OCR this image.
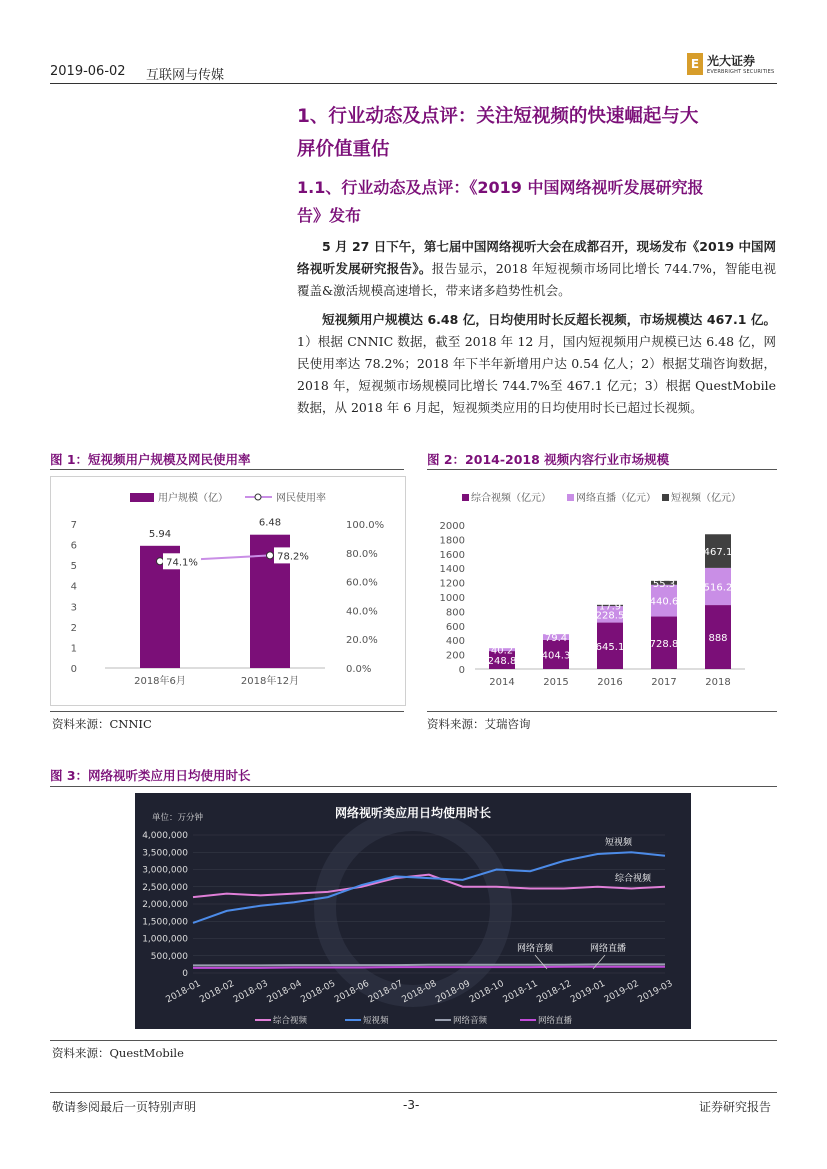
2019-06-02 互联网与传媒
E 光大证券
EVERBRIGHT SECURITIES
1、行业动态及点评：关注短视频的快速崛起与大
屏价值重估
1.1、行业动态及点评：《2019 中国网络视听发展研究报
告》发布
5 月 27 日下午，第七届中国网络视听大会在成都召开，现场发布《2019 中国网络视听发展研究报告》。报告显示，2018 年短视频市场同比增长 744.7%，智能电视覆盖&激活规模高速增长，带来诸多趋势性机会。
短视频用户规模达 6.48 亿，日均使用时长反超长视频，市场规模达 467.1 亿。1）根据 CNNIC 数据，截至 2018 年 12 月，国内短视频用户规模已达 6.48 亿，网民使用率达 78.2%；2018 年下半年新增用户达 0.54 亿人；2）根据艾瑞咨询数据，2018 年，短视频市场规模同比增长 744.7%至 467.1 亿元；3）根据 QuestMobile 数据，从 2018 年 6 月起，短视频类应用的日均使用时长已超过长视频。
图 1：短视频用户规模及网民使用率
用户规模（亿）	网民使用率
0
1
2
3
4
5
6
7
0.0%
20.0%
40.0%
60.0%
80.0%
100.0%
5.94
2018年6月
6.48
2018年12月
74.1%
78.2%
资料来源：CNNIC
图 2：2014-2018 视频内容行业市场规模
综合视频（亿元）	网络直播（亿元） 短视频（亿元）
0
200
400
600
800
1000
1200
1400
1600
1800
2000
248.8
40.2
2014
404.3
79.4
2015
645.1
228.5
17.9
2016
728.8
440.6
55.3
2017
888
516.2
467.1
2018
资料来源：艾瑞咨询
图 3：网络视听类应用日均使用时长
网络视听类应用日均使用时长
单位：万分钟
0
500,000
1,000,000
1,500,000
2,000,000
2,500,000
3,000,000
3,500,000
4,000,000
2018-01
2018-02
2018-03
2018-04
2018-05
2018-06
2018-07
2018-08
2018-09
2018-10
2018-11
2018-12
2019-01
2019-02
2019-03
短视频
综合视频
网络音频	网络直播
综合视频	短视频	网络音频	网络直播
资料来源：QuestMobile
敬请参阅最后一页特别声明	-3-	证券研究报告
